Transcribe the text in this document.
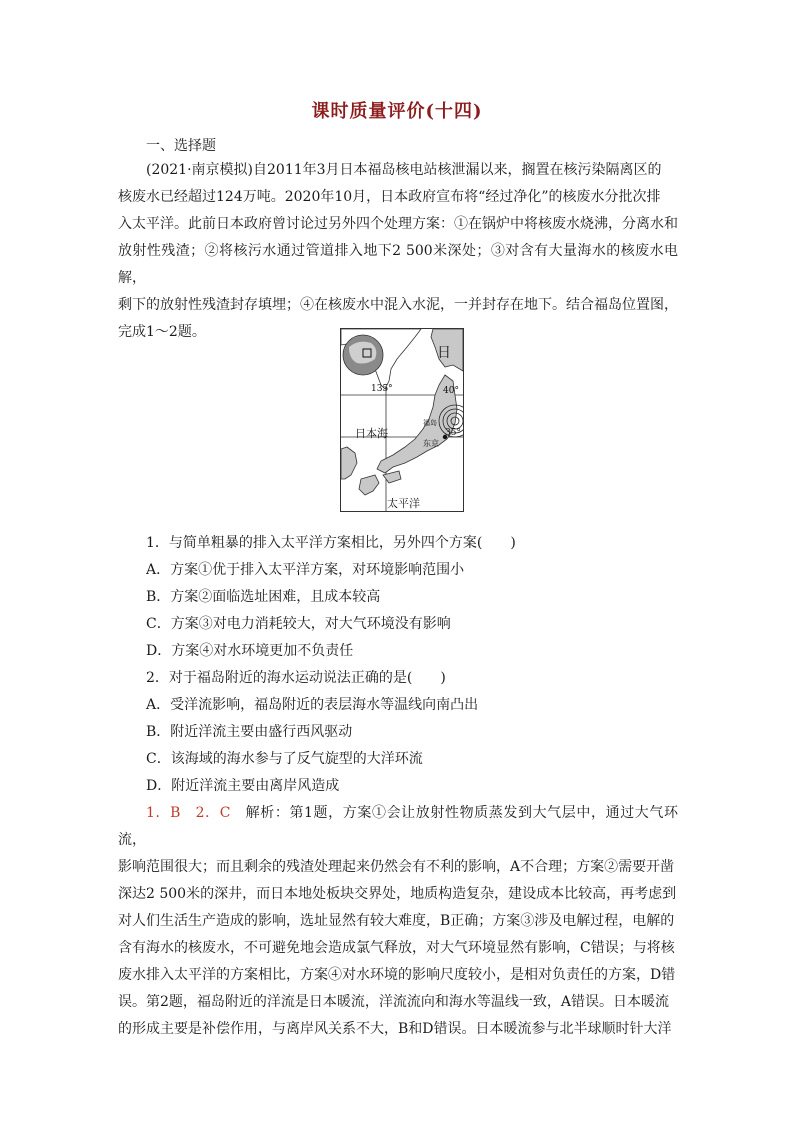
课时质量评价(十四)
一、选择题
(2021·南京模拟)自2011年3月日本福岛核电站核泄漏以来，搁置在核污染隔离区的
核废水已经超过124万吨。2020年10月，日本政府宣布将“经过净化”的核废水分批次排
入太平洋。此前日本政府曾讨论过另外四个处理方案：①在锅炉中将核废水烧沸，分离水和
放射性残渣；②将核污水通过管道排入地下2 500米深处；③对含有大量海水的核废水电解，
剩下的放射性残渣封存填埋；④在核废水中混入水泥，一并封存在地下。结合福岛位置图，
完成1～2题。
日
日本海
太平洋
福岛
东京
135°	40°
35°
1．与简单粗暴的排入太平洋方案相比，另外四个方案(　　)
A．方案①优于排入太平洋方案，对环境影响范围小
B．方案②面临选址困难，且成本较高
C．方案③对电力消耗较大，对大气环境没有影响
D．方案④对水环境更加不负责任
2．对于福岛附近的海水运动说法正确的是(　　)
A．受洋流影响，福岛附近的表层海水等温线向南凸出
B．附近洋流主要由盛行西风驱动
C．该海域的海水参与了反气旋型的大洋环流
D．附近洋流主要由离岸风造成
1．B　2．C　解析：第1题，方案①会让放射性物质蒸发到大气层中，通过大气环流，
影响范围很大；而且剩余的残渣处理起来仍然会有不利的影响，A不合理；方案②需要开凿
深达2 500米的深井，而日本地处板块交界处，地质构造复杂，建设成本比较高，再考虑到
对人们生活生产造成的影响，选址显然有较大难度，B正确；方案③涉及电解过程，电解的
含有海水的核废水，不可避免地会造成氯气释放，对大气环境显然有影响，C错误；与将核
废水排入太平洋的方案相比，方案④对水环境的影响尺度较小，是相对负责任的方案，D错
误。第2题，福岛附近的洋流是日本暖流，洋流流向和海水等温线一致，A错误。日本暖流
的形成主要是补偿作用，与离岸风关系不大，B和D错误。日本暖流参与北半球顺时针大洋
